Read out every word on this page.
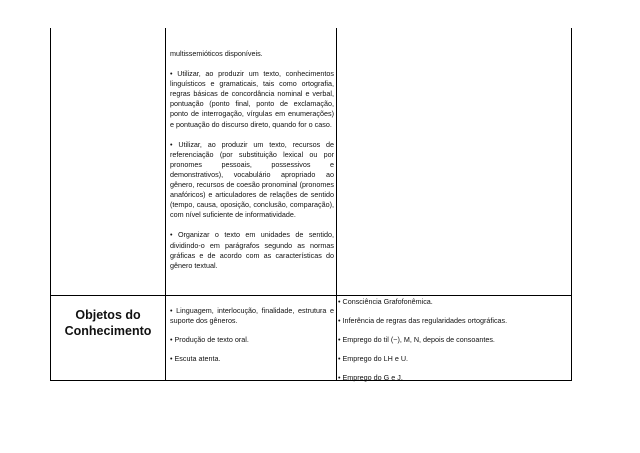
multissemióticos disponíveis.

• Utilizar, ao produzir um texto, conhecimentos linguísticos e gramaticais, tais como ortografia, regras básicas de concordância nominal e verbal, pontuação (ponto final, ponto de exclamação, ponto de interrogação, vírgulas em enumerações) e pontuação do discurso direto, quando for o caso.

• Utilizar, ao produzir um texto, recursos de referenciação (por substituição lexical ou por pronomes pessoais, possessivos e demonstrativos), vocabulário apropriado ao gênero, recursos de coesão pronominal (pronomes anafóricos) e articuladores de relações de sentido (tempo, causa, oposição, conclusão, comparação), com nível suficiente de informatividade.

• Organizar o texto em unidades de sentido, dividindo-o em parágrafos segundo as normas gráficas e de acordo com as características do gênero textual.

Objetos do Conhecimento
• Linguagem, interlocução, finalidade, estrutura e suporte dos gêneros.
• Produção de texto oral.
• Escuta atenta.
• Consciência Grafofonêmica.
• Inferência de regras das regularidades ortográficas.
• Emprego do til (~), M, N, depois de consoantes.
• Emprego do LH e U.
• Emprego do G e J.
